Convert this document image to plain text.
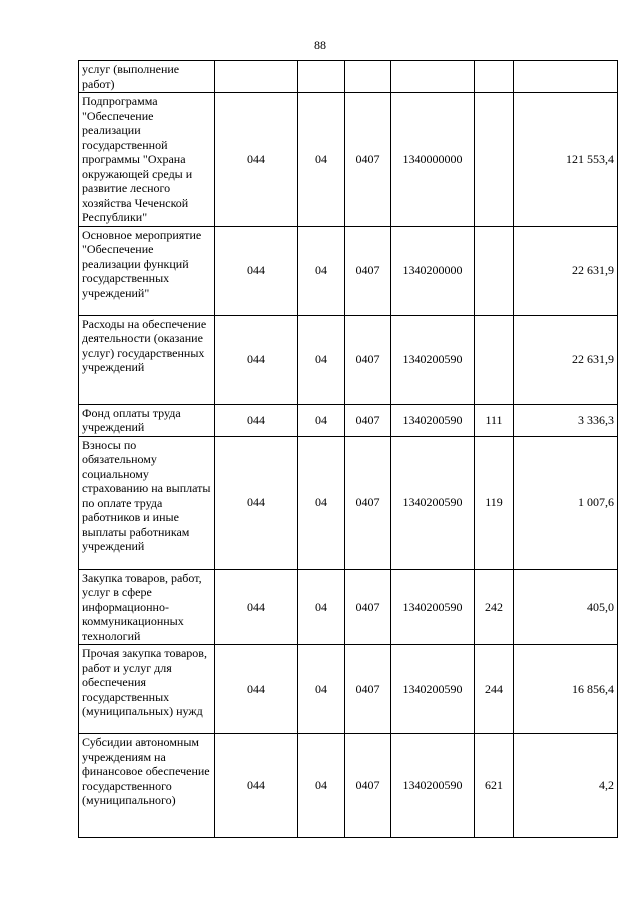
88
услуг (выполнение работ)						
Подпрограмма "Обеспечение реализации государственной программы "Охрана окружающей среды и развитие лесного хозяйства Чеченской Республики"	044	04	0407	1340000000		121 553,4
Основное мероприятие "Обеспечение реализации функций государственных учреждений"	044	04	0407	1340200000		22 631,9
Расходы на обеспечение деятельности (оказание услуг) государственных учреждений	044	04	0407	1340200590		22 631,9
Фонд оплаты труда учреждений	044	04	0407	1340200590	111	3 336,3
Взносы по обязательному социальному страхованию на выплаты по оплате труда работников и иные выплаты работникам учреждений	044	04	0407	1340200590	119	1 007,6
Закупка товаров, работ, услуг в сфере информационно-коммуникационных технологий	044	04	0407	1340200590	242	405,0
Прочая закупка товаров, работ и услуг для обеспечения государственных (муниципальных) нужд	044	04	0407	1340200590	244	16 856,4
Субсидии автономным учреждениям на финансовое обеспечение государственного (муниципального)	044	04	0407	1340200590	621	4,2
